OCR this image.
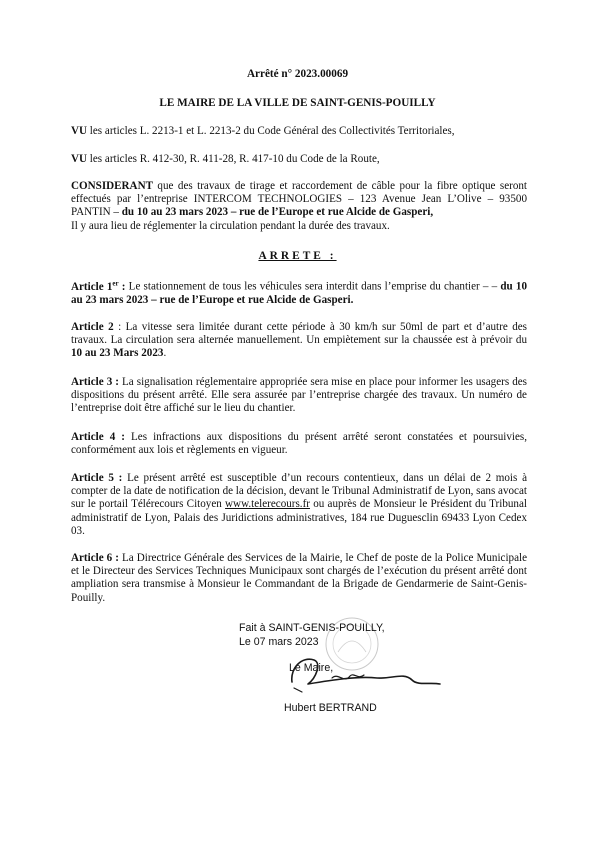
Arrêté n° 2023.00069
LE MAIRE DE LA VILLE DE SAINT-GENIS-POUILLY

VU les articles L. 2213-1 et L. 2213-2 du Code Général des Collectivités Territoriales,

VU les articles R. 412-30, R. 411-28, R. 417-10 du Code de la Route,

CONSIDERANT que des travaux de tirage et raccordement de câble pour la fibre optique seront effectués par l’entreprise INTERCOM TECHNOLOGIES – 123 Avenue Jean L’Olive – 93500 PANTIN – du 10 au 23 mars 2023 – rue de l’Europe et rue Alcide de Gasperi,

Il y aura lieu de réglementer la circulation pendant la durée des travaux.

ARRETE :

Article 1er : Le stationnement de tous les véhicules sera interdit dans l’emprise du chantier – – du 10 au 23 mars 2023 – rue de l’Europe et rue Alcide de Gasperi.

Article 2 : La vitesse sera limitée durant cette période à 30 km/h sur 50ml de part et d’autre des travaux. La circulation sera alternée manuellement. Un empiètement sur la chaussée est à prévoir du 10 au 23 Mars 2023.

Article 3 : La signalisation réglementaire appropriée sera mise en place pour informer les usagers des dispositions du présent arrêté. Elle sera assurée par l’entreprise chargée des travaux. Un numéro de l’entreprise doit être affiché sur le lieu du chantier.

Article 4 : Les infractions aux dispositions du présent arrêté seront constatées et poursuivies, conformément aux lois et règlements en vigueur.

Article 5 : Le présent arrêté est susceptible d’un recours contentieux, dans un délai de 2 mois à compter de la date de notification de la décision, devant le Tribunal Administratif de Lyon, sans avocat sur le portail Télérecours Citoyen www.telerecours.fr ou auprès de Monsieur le Président du Tribunal administratif de Lyon, Palais des Juridictions administratives, 184 rue Duguesclin 69433 Lyon Cedex 03.

Article 6 : La Directrice Générale des Services de la Mairie, le Chef de poste de la Police Municipale et le Directeur des Services Techniques Municipaux sont chargés de l’exécution du présent arrêté dont ampliation sera transmise à Monsieur le Commandant de la Brigade de Gendarmerie de Saint-Genis-Pouilly.

Fait à SAINT-GENIS-POUILLY,
Le 07 mars 2023
Le Maire,
Hubert BERTRAND
